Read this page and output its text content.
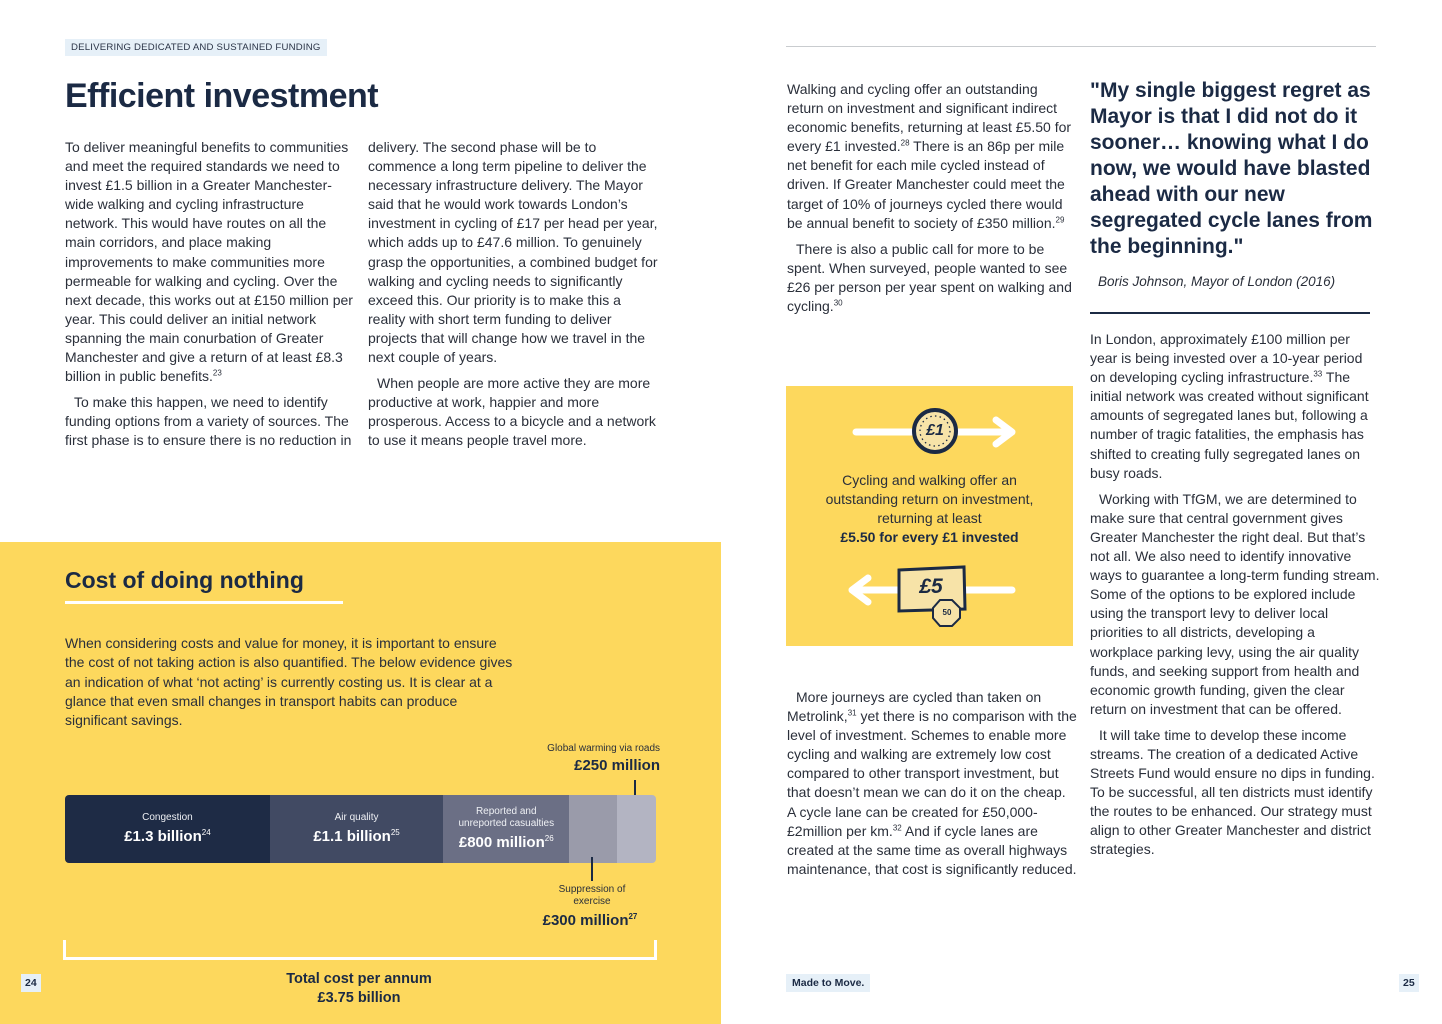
DELIVERING DEDICATED AND SUSTAINED FUNDING
Efficient investment

To deliver meaningful benefits to communities and meet the required standards we need to invest £1.5 billion in a Greater Manchester-wide walking and cycling infrastructure network. This would have routes on all the main corridors, and place making improvements to make communities more permeable for walking and cycling. Over the next decade, this works out at £150 million per year. This could deliver an initial network spanning the main conurbation of Greater Manchester and give a return of at least £8.3 billion in public benefits.$^{23}$

To make this happen, we need to identify funding options from a variety of sources. The first phase is to ensure there is no reduction in

delivery. The second phase will be to commence a long term pipeline to deliver the necessary infrastructure delivery. The Mayor said that he would work towards London’s investment in cycling of £17 per head per year, which adds up to £47.6 million. To genuinely grasp the opportunities, a combined budget for walking and cycling needs to significantly exceed this. Our priority is to make this a reality with short term funding to deliver projects that will change how we travel in the next couple of years.

When people are more active they are more productive at work, happier and more prosperous. Access to a bicycle and a network to use it means people travel more.

Cost of doing nothing

When considering costs and value for money, it is important to ensure the cost of not taking action is also quantified. The below evidence gives an indication of what ‘not acting’ is currently costing us. It is clear at a glance that even small changes in transport habits can produce significant savings.

Global warming via roads
£250 million
Congestion
£1.3 billion$^{24}$
Air quality
£1.1 billion$^{25}$
Reported and unreported casualties
£800 million$^{26}$
Suppression of exercise
£300 million$^{27}$
Total cost per annum
£3.75 billion
24

Walking and cycling offer an outstanding return on investment and significant indirect economic benefits, returning at least £5.50 for every £1 invested.$^{28}$ There is an 86p per mile net benefit for each mile cycled instead of driven. If Greater Manchester could meet the target of 10% of journeys cycled there would be annual benefit to society of £350 million.$^{29}$

There is also a public call for more to be spent. When surveyed, people wanted to see £26 per person per year spent on walking and cycling.$^{30}$

£1
£5
50
Cycling and walking offer an outstanding return on investment, returning at least
£5.50 for every £1 invested

More journeys are cycled than taken on Metrolink,$^{31}$ yet there is no comparison with the level of investment. Schemes to enable more cycling and walking are extremely low cost compared to other transport investment, but that doesn’t mean we can do it on the cheap. A cycle lane can be created for £50,000-£2million per km.$^{32}$ And if cycle lanes are created at the same time as overall highways maintenance, that cost is significantly reduced.

"My single biggest regret as Mayor is that I did not do it sooner… knowing what I do now, we would have blasted ahead with our new segregated cycle lanes from the beginning."
Boris Johnson, Mayor of London (2016)

In London, approximately £100 million per year is being invested over a 10-year period on developing cycling infrastructure.$^{33}$ The initial network was created without significant amounts of segregated lanes but, following a number of tragic fatalities, the emphasis has shifted to creating fully segregated lanes on busy roads.

Working with TfGM, we are determined to make sure that central government gives Greater Manchester the right deal. But that’s not all. We also need to identify innovative ways to guarantee a long-term funding stream. Some of the options to be explored include using the transport levy to deliver local priorities to all districts, developing a workplace parking levy, using the air quality funds, and seeking support from health and economic growth funding, given the clear return on investment that can be offered.

It will take time to develop these income streams. The creation of a dedicated Active Streets Fund would ensure no dips in funding. To be successful, all ten districts must identify the routes to be enhanced. Our strategy must align to other Greater Manchester and district strategies.

Made to Move.	25
